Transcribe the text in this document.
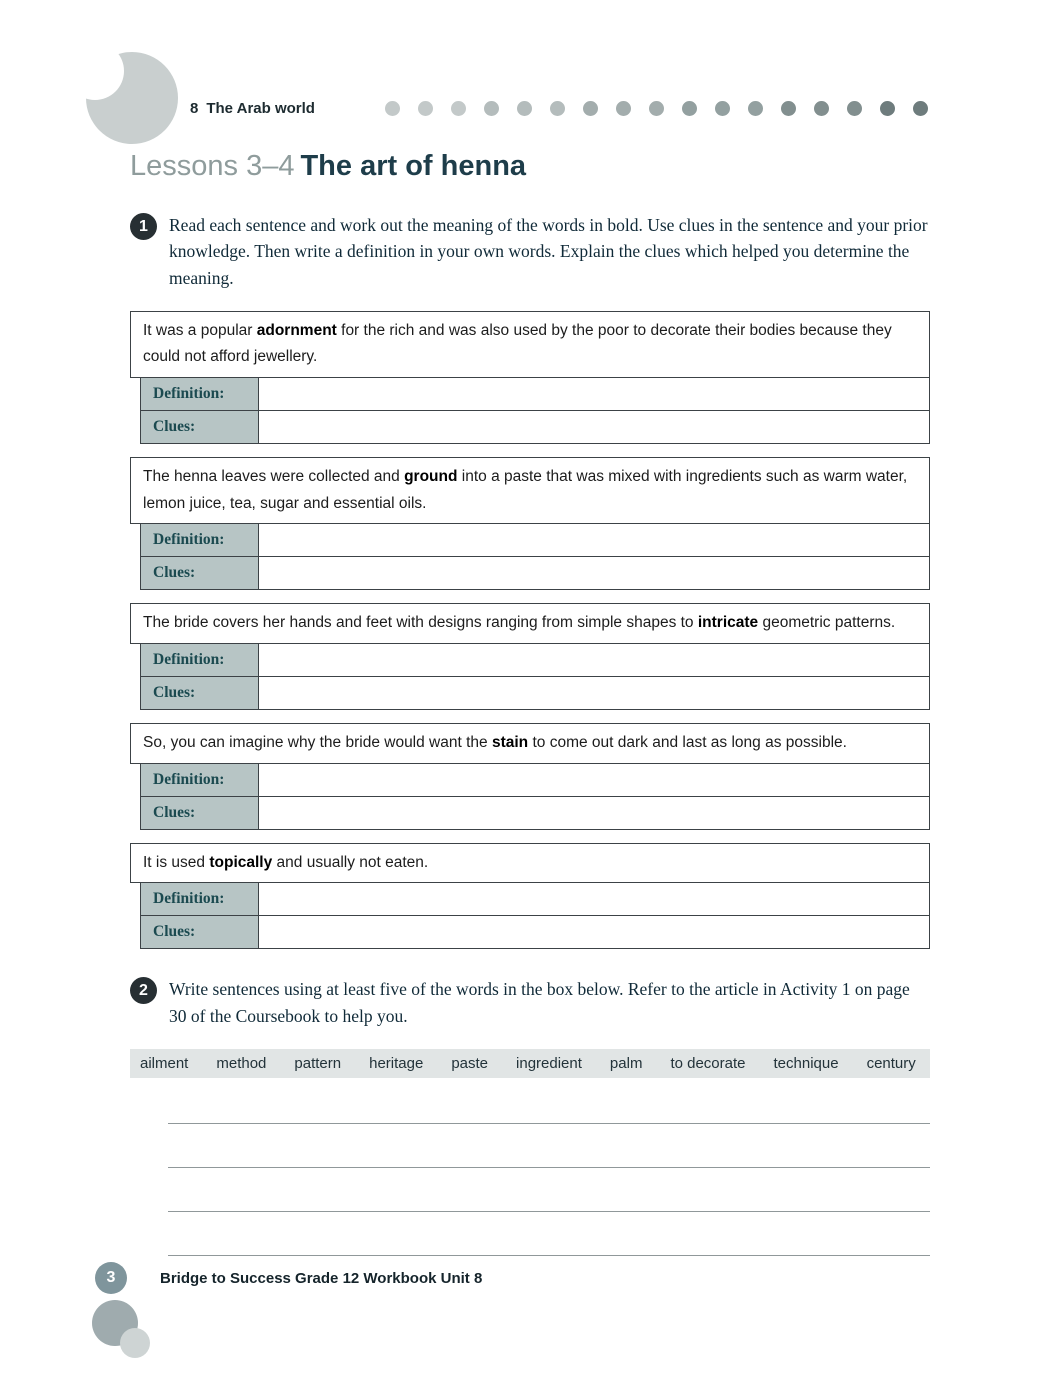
8 The Arab world
Lessons 3–4 The art of henna
1	Read each sentence and work out the meaning of the words in bold. Use clues in the sentence and your prior knowledge. Then write a definition in your own words. Explain the clues which helped you determine the meaning.

It was a popular adornment for the rich and was also used by the poor to decorate their bodies because they could not afford jewellery.
Definition:
Clues:
The henna leaves were collected and ground into a paste that was mixed with ingredients such as warm water, lemon juice, tea, sugar and essential oils.
Definition:
Clues:
The bride covers her hands and feet with designs ranging from simple shapes to intricate geometric patterns.
Definition:
Clues:
So, you can imagine why the bride would want the stain to come out dark and last as long as possible.
Definition:
Clues:
It is used topically and usually not eaten.
Definition:
Clues:
2	Write sentences using at least five of the words in the box below. Refer to the article in Activity 1 on page 30 of the Coursebook to help you.

ailment method pattern heritage paste ingredient palm to decorate technique century
3	Bridge to Success Grade 12 Workbook Unit 8
